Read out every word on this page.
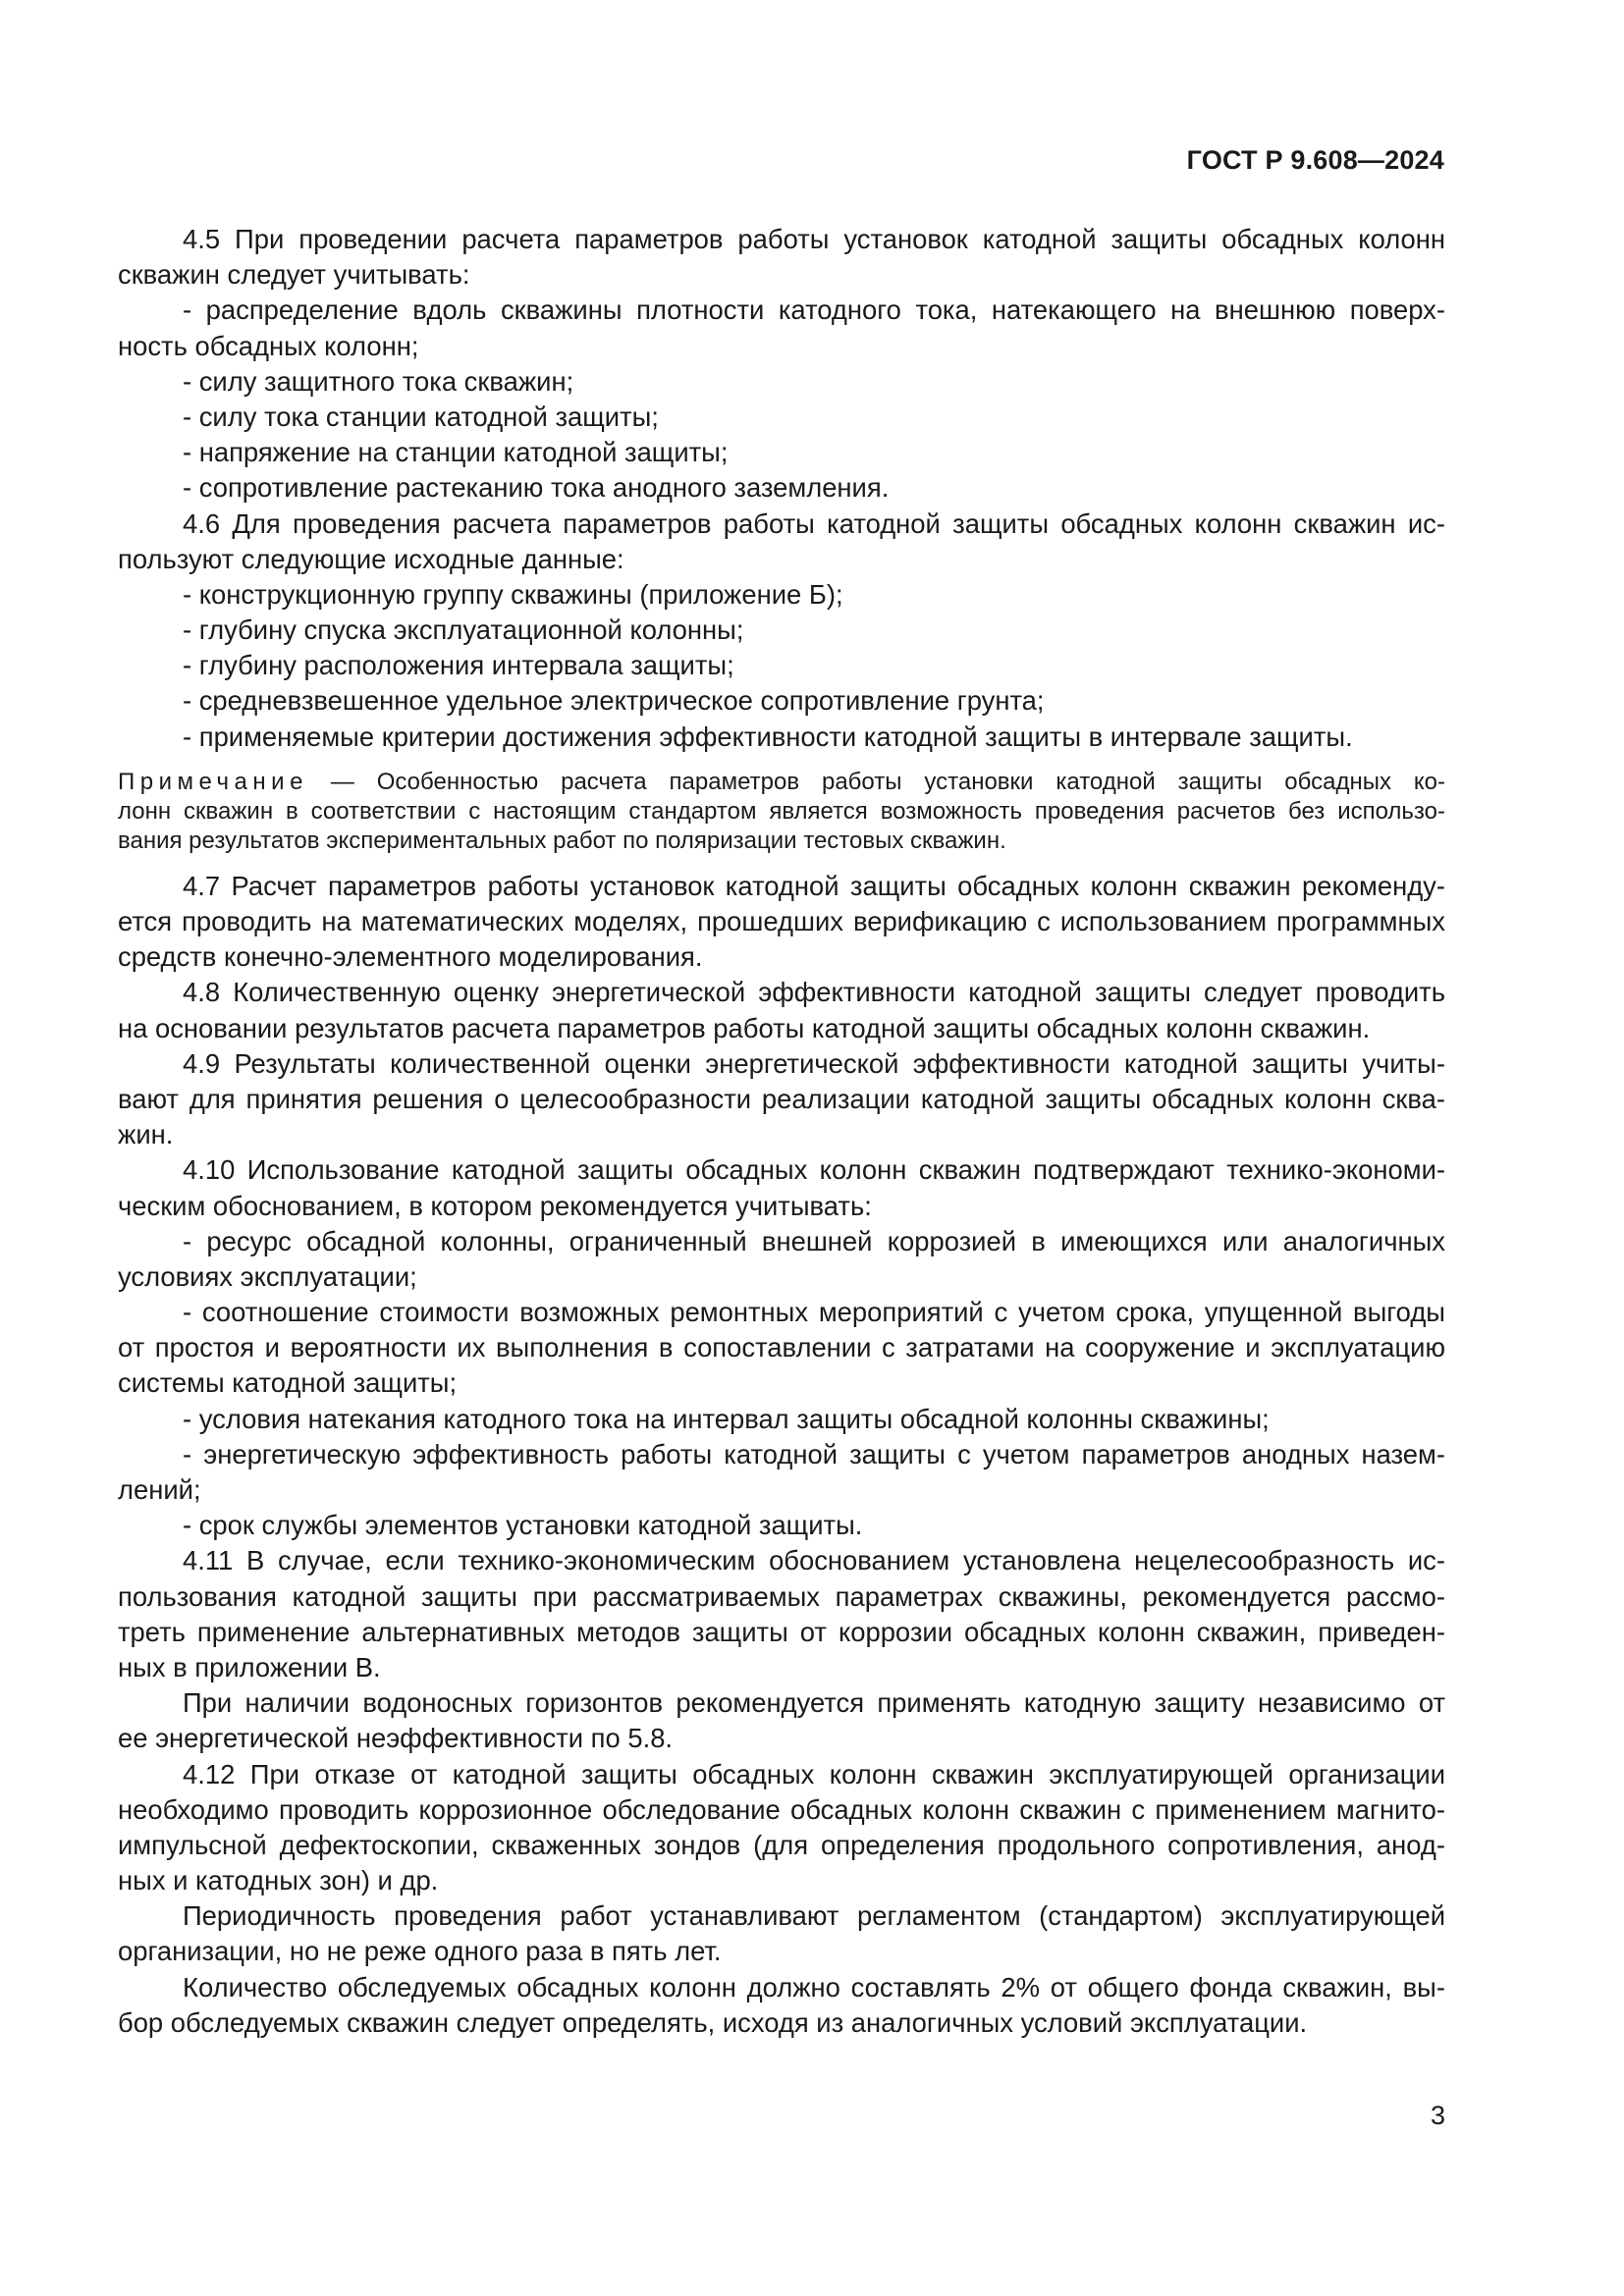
ГОСТ Р 9.608—2024
4.5 При проведении расчета параметров работы установок катодной защиты обсадных колонн
скважин следует учитывать:
- распределение вдоль скважины плотности катодного тока, натекающего на внешнюю поверх-
ность обсадных колонн;
- силу защитного тока скважин;
- силу тока станции катодной защиты;
- напряжение на станции катодной защиты;
- сопротивление растеканию тока анодного заземления.
4.6 Для проведения расчета параметров работы катодной защиты обсадных колонн скважин ис-
пользуют следующие исходные данные:
- конструкционную группу скважины (приложение Б);
- глубину спуска эксплуатационной колонны;
- глубину расположения интервала защиты;
- средневзвешенное удельное электрическое сопротивление грунта;
- применяемые критерии достижения эффективности катодной защиты в интервале защиты.
Примечание — Особенностью расчета параметров работы установки катодной защиты обсадных ко-
лонн скважин в соответствии с настоящим стандартом является возможность проведения расчетов без использо-
вания результатов экспериментальных работ по поляризации тестовых скважин.
4.7 Расчет параметров работы установок катодной защиты обсадных колонн скважин рекоменду-
ется проводить на математических моделях, прошедших верификацию с использованием программных
средств конечно-элементного моделирования.
4.8 Количественную оценку энергетической эффективности катодной защиты следует проводить
на основании результатов расчета параметров работы катодной защиты обсадных колонн скважин.
4.9 Результаты количественной оценки энергетической эффективности катодной защиты учиты-
вают для принятия решения о целесообразности реализации катодной защиты обсадных колонн сква-
жин.
4.10 Использование катодной защиты обсадных колонн скважин подтверждают технико-экономи-
ческим обоснованием, в котором рекомендуется учитывать:
- ресурс обсадной колонны, ограниченный внешней коррозией в имеющихся или аналогичных
условиях эксплуатации;
- соотношение стоимости возможных ремонтных мероприятий с учетом срока, упущенной выгоды
от простоя и вероятности их выполнения в сопоставлении с затратами на сооружение и эксплуатацию
системы катодной защиты;
- условия натекания катодного тока на интервал защиты обсадной колонны скважины;
- энергетическую эффективность работы катодной защиты с учетом параметров анодных назем-
лений;
- срок службы элементов установки катодной защиты.
4.11 В случае, если технико-экономическим обоснованием установлена нецелесообразность ис-
пользования катодной защиты при рассматриваемых параметрах скважины, рекомендуется рассмо-
треть применение альтернативных методов защиты от коррозии обсадных колонн скважин, приведен-
ных в приложении В.
При наличии водоносных горизонтов рекомендуется применять катодную защиту независимо от
ее энергетической неэффективности по 5.8.
4.12 При отказе от катодной защиты обсадных колонн скважин эксплуатирующей организации
необходимо проводить коррозионное обследование обсадных колонн скважин с применением магнито-
импульсной дефектоскопии, скваженных зондов (для определения продольного сопротивления, анод-
ных и катодных зон) и др.
Периодичность проведения работ устанавливают регламентом (стандартом) эксплуатирующей
организации, но не реже одного раза в пять лет.
Количество обследуемых обсадных колонн должно составлять 2% от общего фонда скважин, вы-
бор обследуемых скважин следует определять, исходя из аналогичных условий эксплуатации.
3
